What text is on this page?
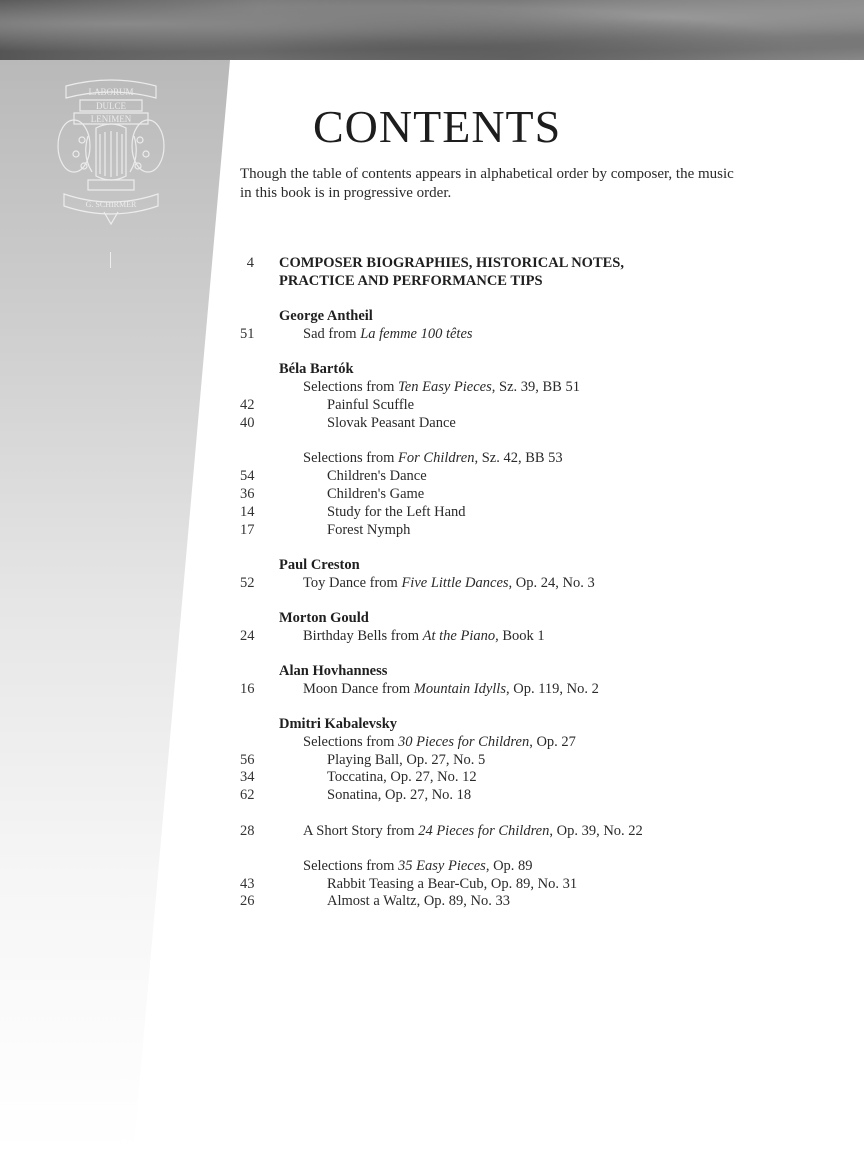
LABORUM
DULCE
LENIMEN
G. SCHIRMER
CONTENTS

Though the table of contents appears in alphabetical order by composer, the music in this book is in progressive order.

4 COMPOSER BIOGRAPHIES, HISTORICAL NOTES,
PRACTICE AND PERFORMANCE TIPS
George Antheil
51	Sad from La femme 100 têtes
Béla Bartók
Selections from Ten Easy Pieces, Sz. 39, BB 51
42	Painful Scuffle
40	Slovak Peasant Dance
Selections from For Children, Sz. 42, BB 53
54	Children's Dance
36	Children's Game
14	Study for the Left Hand
17	Forest Nymph
Paul Creston
52	Toy Dance from Five Little Dances, Op. 24, No. 3
Morton Gould
24	Birthday Bells from At the Piano, Book 1
Alan Hovhanness
16	Moon Dance from Mountain Idylls, Op. 119, No. 2
Dmitri Kabalevsky
Selections from 30 Pieces for Children, Op. 27
56	Playing Ball, Op. 27, No. 5
34	Toccatina, Op. 27, No. 12
62	Sonatina, Op. 27, No. 18
28	A Short Story from 24 Pieces for Children, Op. 39, No. 22
Selections from 35 Easy Pieces, Op. 89
43	Rabbit Teasing a Bear-Cub, Op. 89, No. 31
26	Almost a Waltz, Op. 89, No. 33
